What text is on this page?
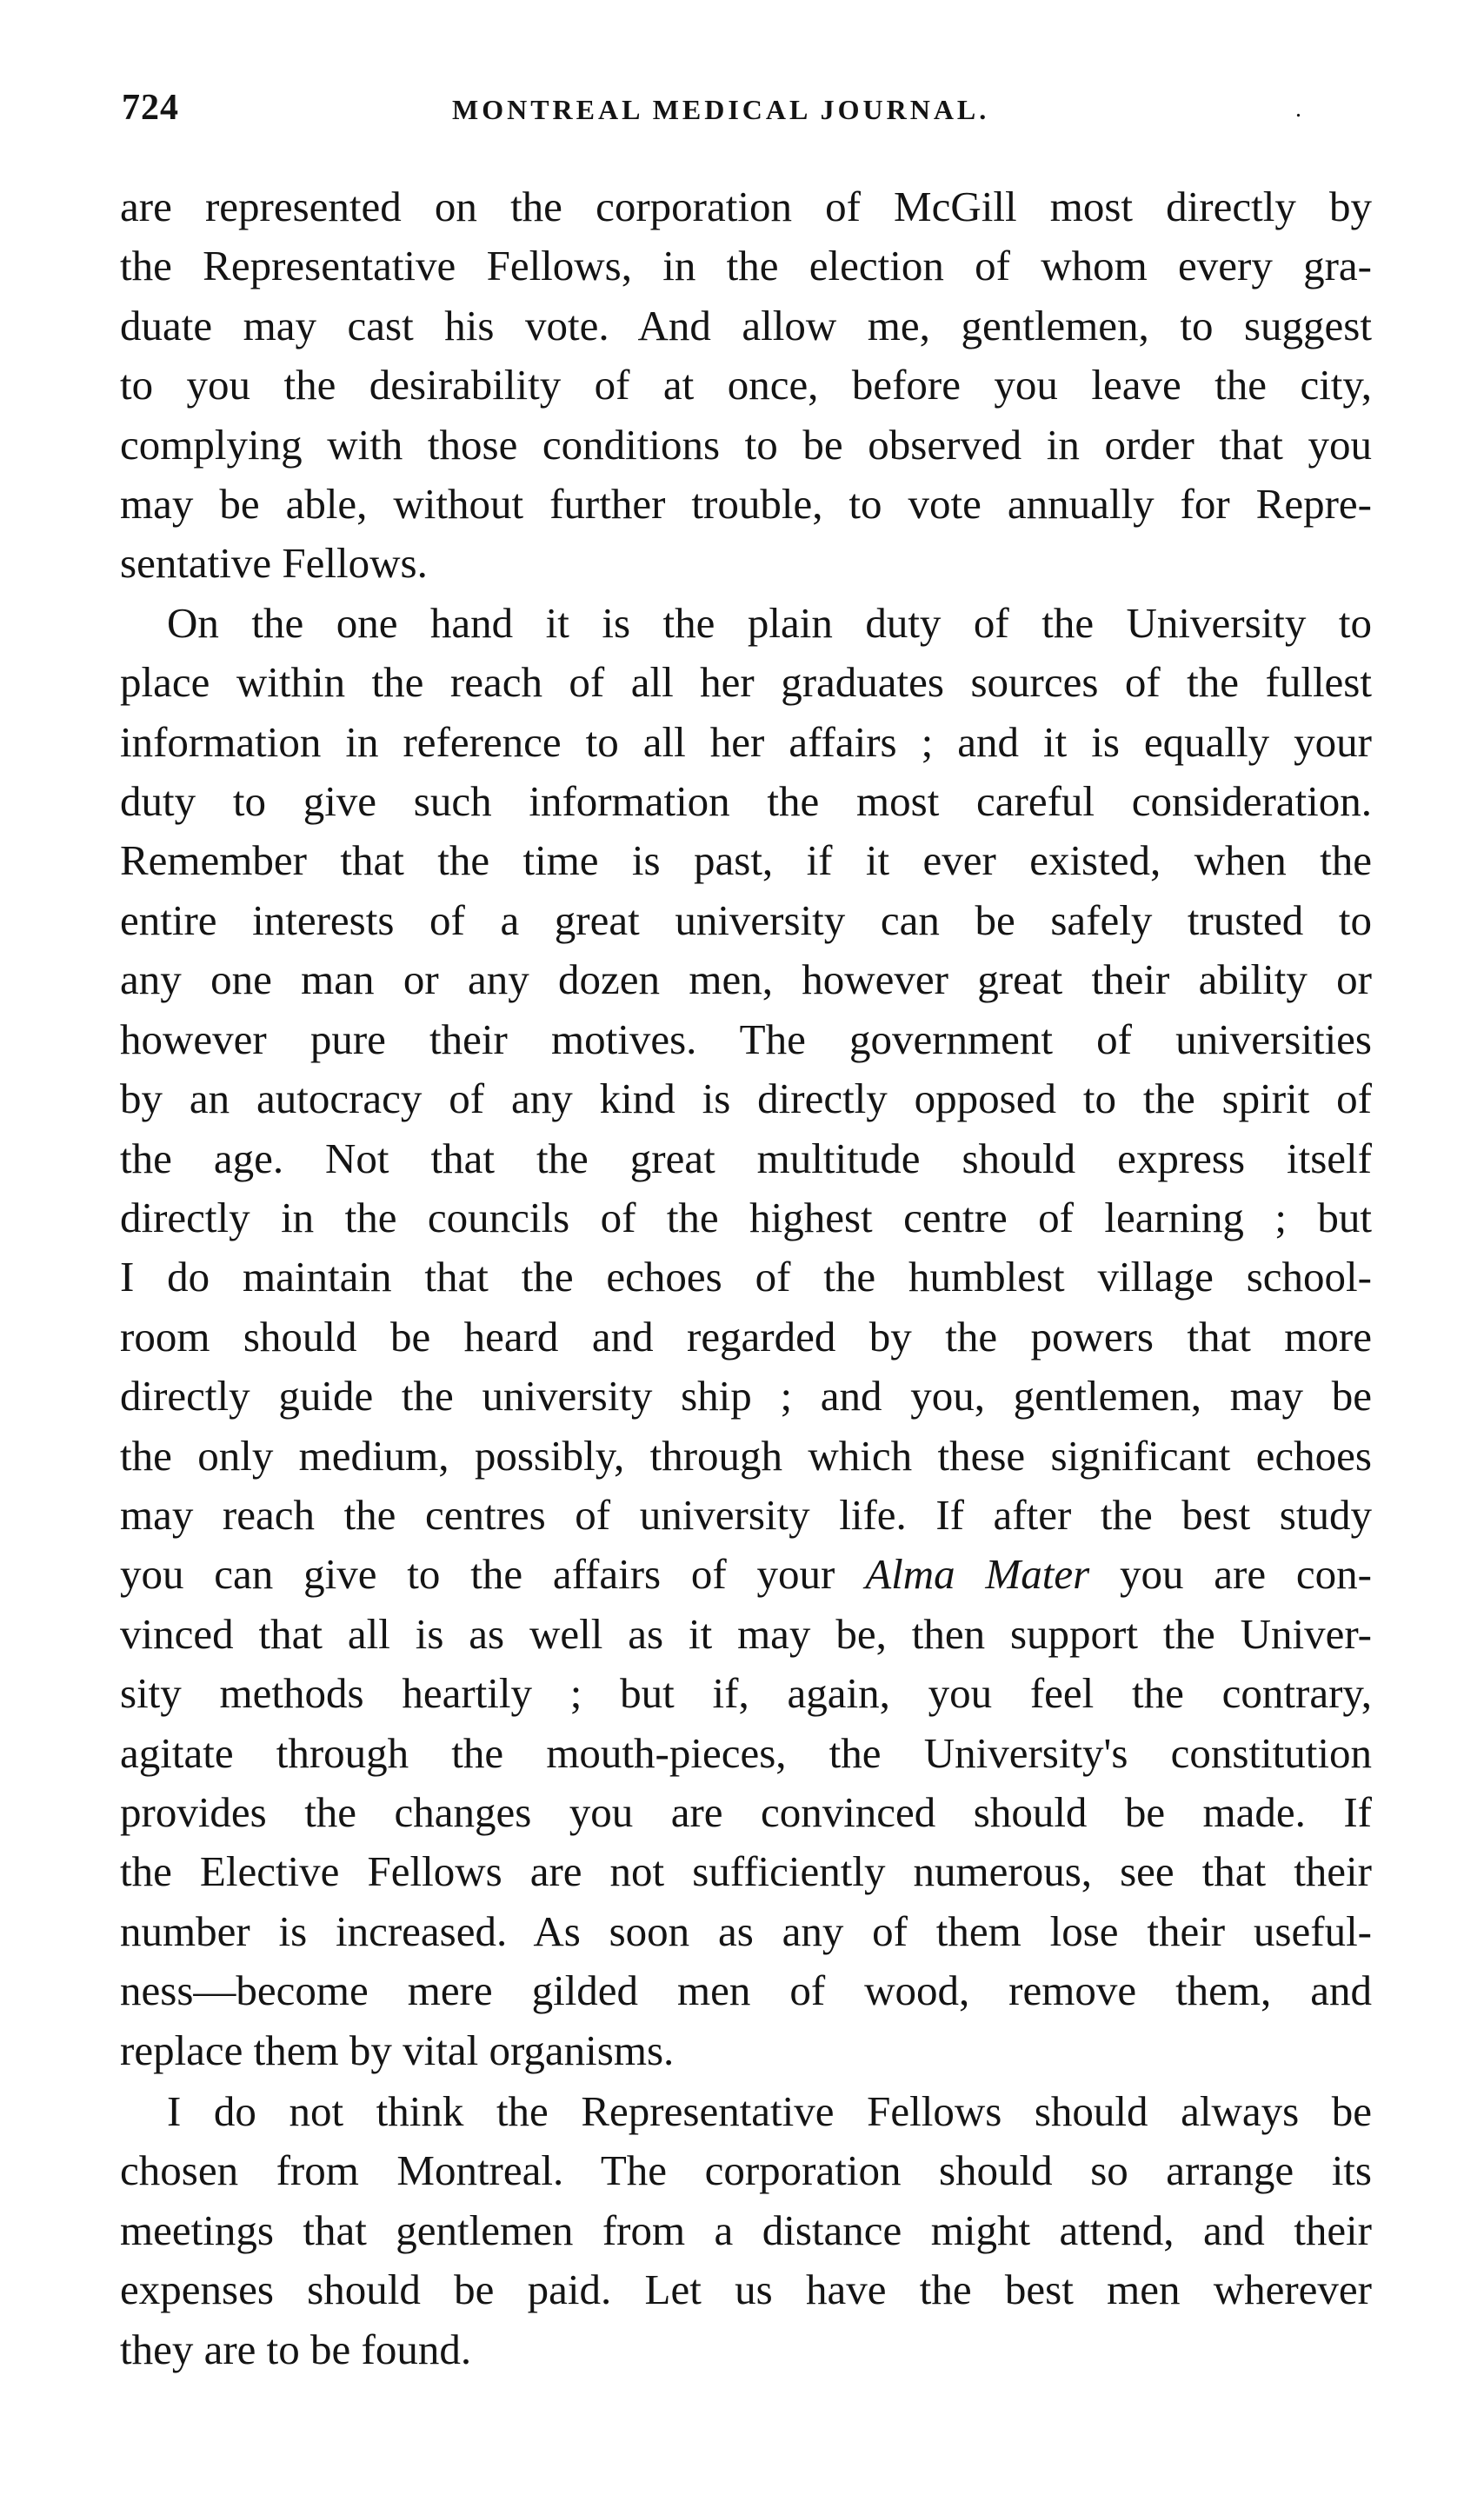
724	MONTREAL MEDICAL JOURNAL.	.

are represented on the corporation of McGill most directly by
the Representative Fellows, in the election of whom every gra-
duate may cast his vote. And allow me, gentlemen, to suggest
to you the desirability of at once, before you leave the city,
complying with those conditions to be observed in order that you
may be able, without further trouble, to vote annually for Repre-
sentative Fellows.

On the one hand it is the plain duty of the University to
place within the reach of all her graduates sources of the fullest
information in reference to all her affairs ; and it is equally your
duty to give such information the most careful consideration.
Remember that the time is past, if it ever existed, when the
entire interests of a great university can be safely trusted to
any one man or any dozen men, however great their ability or
however pure their motives. The government of universities
by an autocracy of any kind is directly opposed to the spirit of
the age. Not that the great multitude should express itself
directly in the councils of the highest centre of learning ; but
I do maintain that the echoes of the humblest village school-
room should be heard and regarded by the powers that more
directly guide the university ship ; and you, gentlemen, may be
the only medium, possibly, through which these significant echoes
may reach the centres of university life. If after the best study
you can give to the affairs of your Alma Mater you are con-
vinced that all is as well as it may be, then support the Univer-
sity methods heartily ; but if, again, you feel the contrary,
agitate through the mouth-pieces, the University's constitution
provides the changes you are convinced should be made. If
the Elective Fellows are not sufficiently numerous, see that their
number is increased. As soon as any of them lose their useful-
ness—become mere gilded men of wood, remove them, and
replace them by vital organisms.

I do not think the Representative Fellows should always be
chosen from Montreal. The corporation should so arrange its
meetings that gentlemen from a distance might attend, and their
expenses should be paid. Let us have the best men wherever
they are to be found.
